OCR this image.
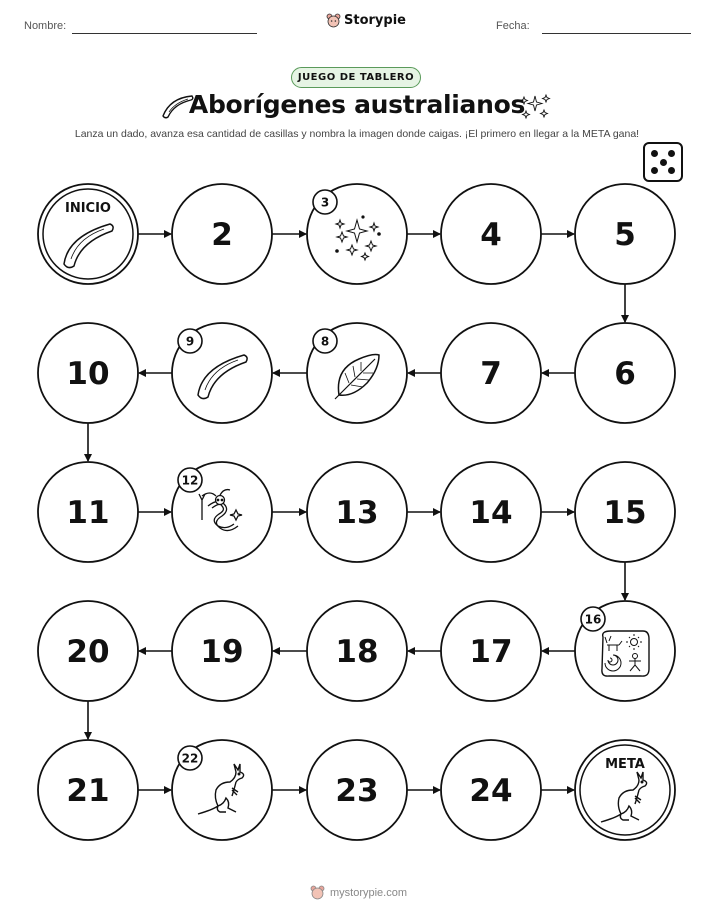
Nombre:	Storypie	Fecha:
JUEGO DE TABLERO
Aborígenes australianos
Lanza un dado, avanza esa cantidad de casillas y nombra la imagen donde caigas. ¡El primero en llegar a la META gana!
INICIO
2
3
4	5
6
7
8
9
10
11
12
13	14	15
16
17
18
19
20
21
22
23	24
META
mystorypie.com
